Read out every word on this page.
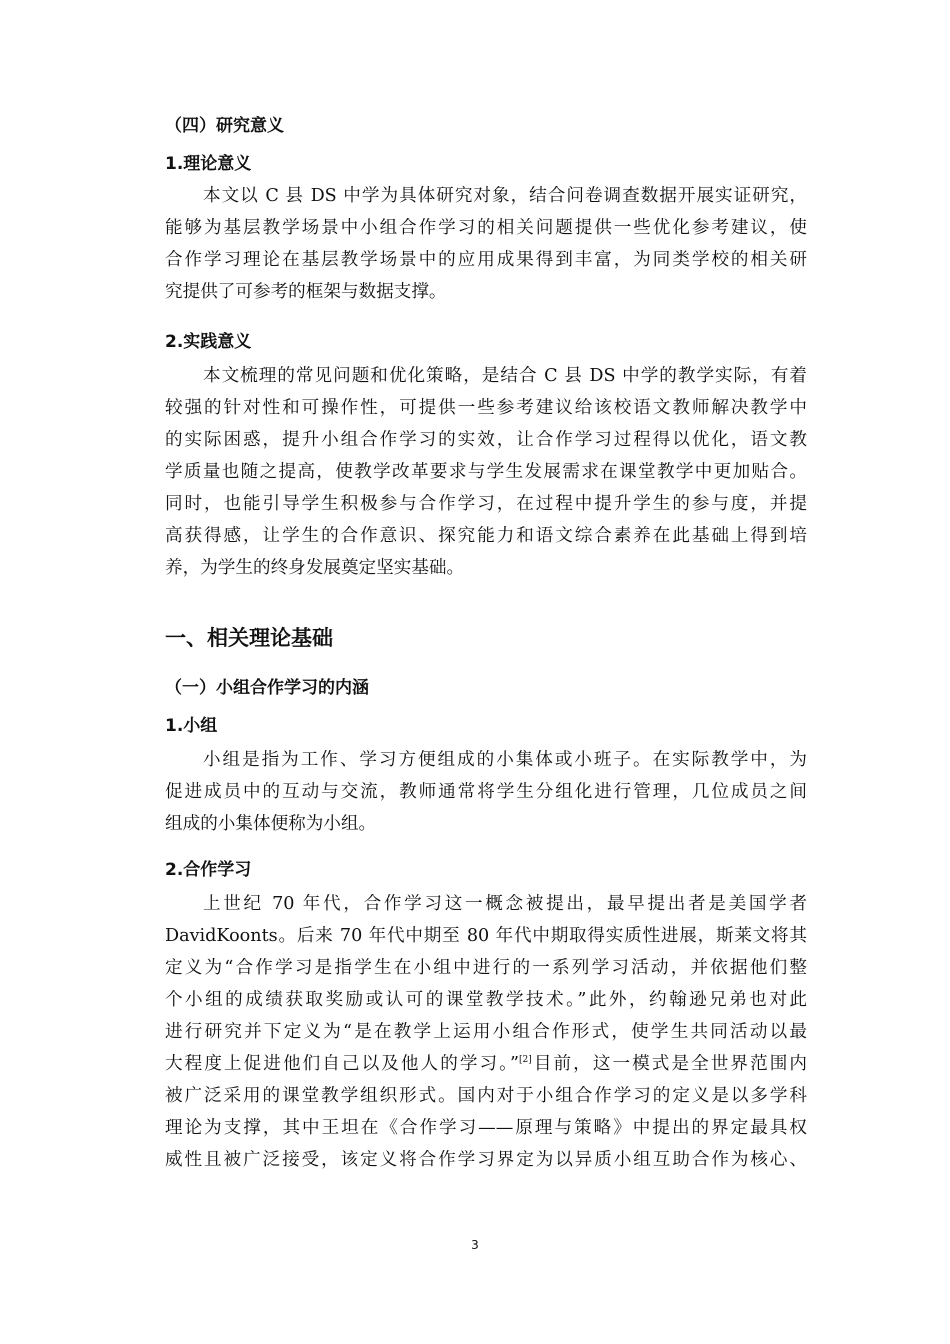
（四）研究意义
1.理论意义
本文以 C 县 DS 中学为具体研究对象，结合问卷调查数据开展实证研究，
能够为基层教学场景中小组合作学习的相关问题提供一些优化参考建议，使
合作学习理论在基层教学场景中的应用成果得到丰富，为同类学校的相关研
究提供了可参考的框架与数据支撑。
2.实践意义
本文梳理的常见问题和优化策略，是结合 C 县 DS 中学的教学实际，有着
较强的针对性和可操作性，可提供一些参考建议给该校语文教师解决教学中
的实际困惑，提升小组合作学习的实效，让合作学习过程得以优化，语文教
学质量也随之提高，使教学改革要求与学生发展需求在课堂教学中更加贴合。
同时，也能引导学生积极参与合作学习，在过程中提升学生的参与度，并提
高获得感，让学生的合作意识、探究能力和语文综合素养在此基础上得到培
养，为学生的终身发展奠定坚实基础。
一、相关理论基础
（一）小组合作学习的内涵
1.小组
小组是指为工作、学习方便组成的小集体或小班子。在实际教学中，为
促进成员中的互动与交流，教师通常将学生分组化进行管理，几位成员之间
组成的小集体便称为小组。
2.合作学习
上世纪 70 年代，合作学习这一概念被提出，最早提出者是美国学者
DavidKoonts。后来 70 年代中期至 80 年代中期取得实质性进展，斯莱文将其
定义为“合作学习是指学生在小组中进行的一系列学习活动，并依据他们整
个小组的成绩获取奖励或认可的课堂教学技术。”此外，约翰逊兄弟也对此
进行研究并下定义为“是在教学上运用小组合作形式，使学生共同活动以最
大程度上促进他们自己以及他人的学习。”[2]目前，这一模式是全世界范围内
被广泛采用的课堂教学组织形式。国内对于小组合作学习的定义是以多学科
理论为支撑，其中王坦在《合作学习——原理与策略》中提出的界定最具权
威性且被广泛接受，该定义将合作学习界定为以异质小组互助合作为核心、
3
